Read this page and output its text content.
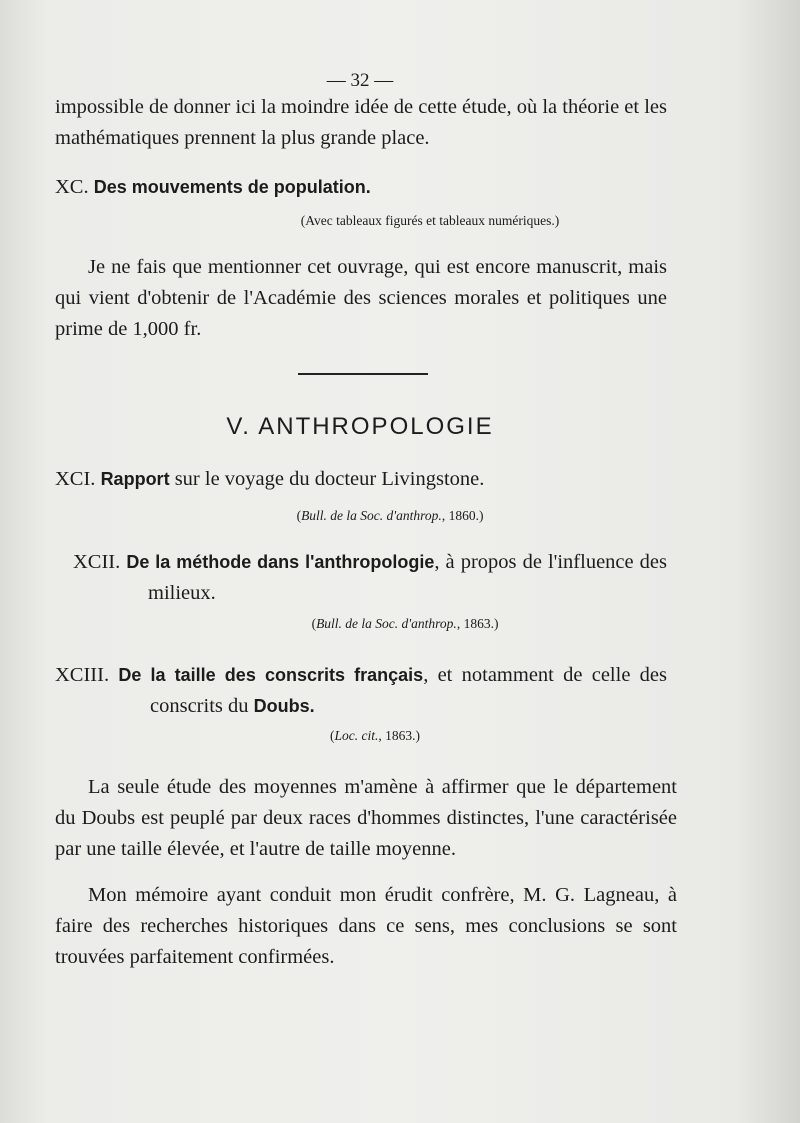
— 32 —

impossible de donner ici la moindre idée de cette étude, où la théorie et les mathématiques prennent la plus grande place.

XC. Des mouvements de population.
(Avec tableaux figurés et tableaux numériques.)

Je ne fais que mentionner cet ouvrage, qui est encore manuscrit, mais qui vient d'obtenir de l'Académie des sciences morales et politiques une prime de 1,000 fr.

V. ANTHROPOLOGIE
XCI. Rapport sur le voyage du docteur Livingstone.
(Bull. de la Soc. d'anthrop., 1860.)

XCII. De la méthode dans l'anthropologie, à propos de l'influence des milieux.

(Bull. de la Soc. d'anthrop., 1863.)

XCIII. De la taille des conscrits français, et notamment de celle des conscrits du Doubs.

(Loc. cit., 1863.)

La seule étude des moyennes m'amène à affirmer que le département du Doubs est peuplé par deux races d'hommes distinctes, l'une caractérisée par une taille élevée, et l'autre de taille moyenne.

Mon mémoire ayant conduit mon érudit confrère, M. G. Lagneau, à faire des recherches historiques dans ce sens, mes conclusions se sont trouvées parfaitement confirmées.
